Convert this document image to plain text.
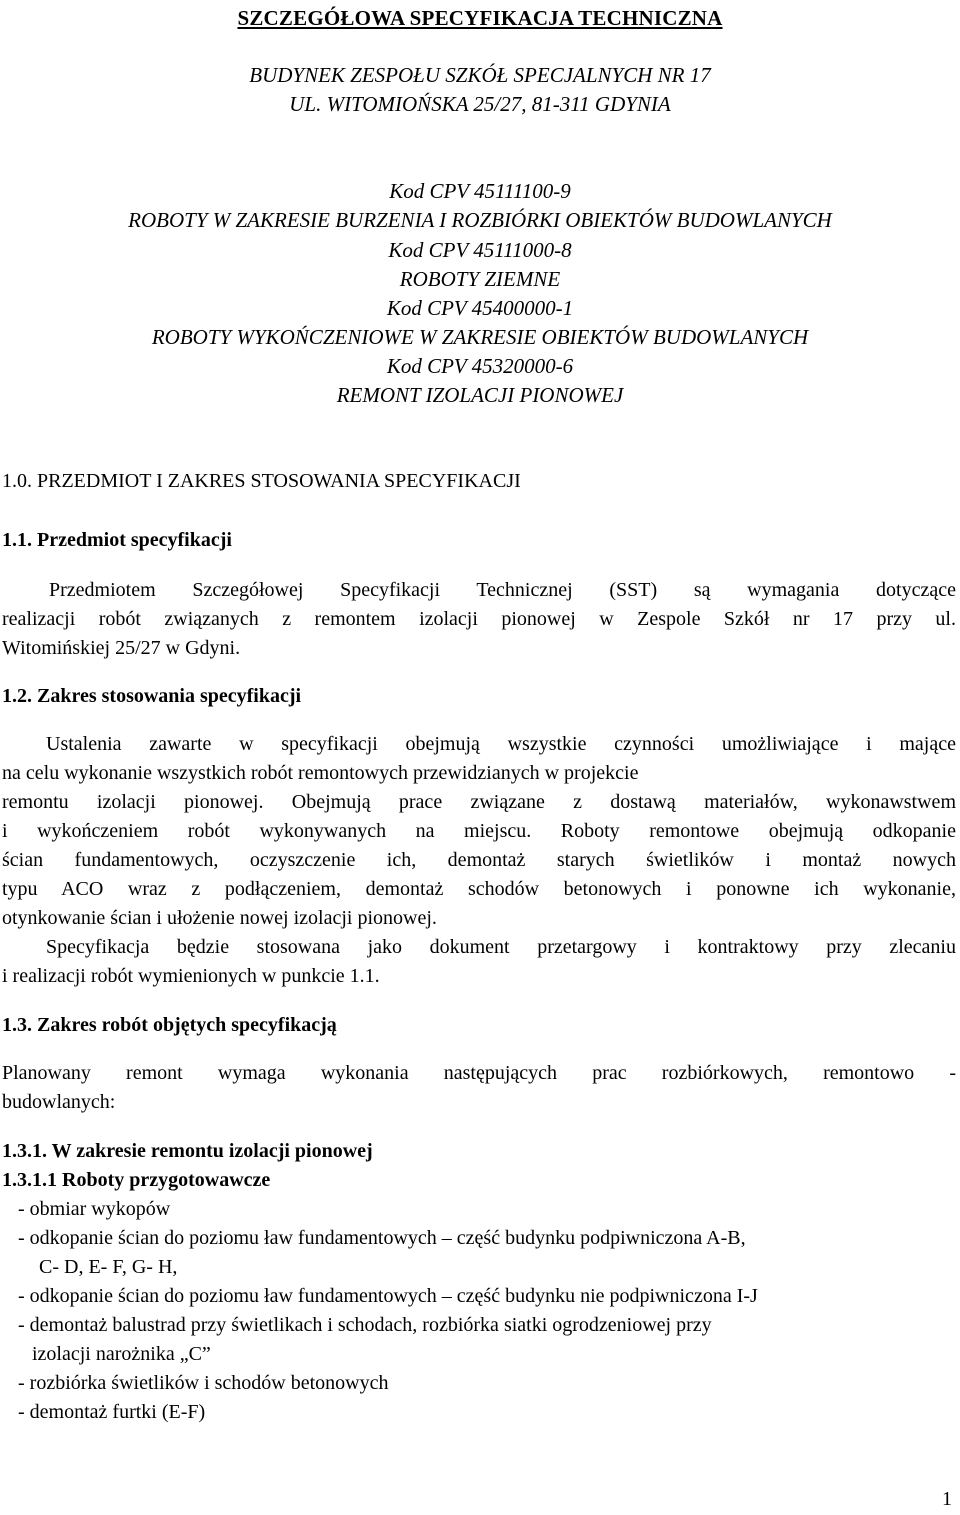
SZCZEGÓŁOWA SPECYFIKACJA TECHNICZNA
BUDYNEK ZESPOŁU SZKÓŁ SPECJALNYCH NR 17
UL. WITOMIOŃSKA 25/27, 81-311 GDYNIA
Kod CPV 45111100-9
ROBOTY W ZAKRESIE BURZENIA I ROZBIÓRKI OBIEKTÓW BUDOWLANYCH
Kod CPV 45111000-8
ROBOTY ZIEMNE
Kod CPV 45400000-1
ROBOTY WYKOŃCZENIOWE W ZAKRESIE OBIEKTÓW BUDOWLANYCH
Kod CPV 45320000-6
REMONT IZOLACJI PIONOWEJ
1.0. PRZEDMIOT I ZAKRES STOSOWANIA SPECYFIKACJI
1.1. Przedmiot specyfikacji
Przedmiotem Szczegółowej Specyfikacji Technicznej (SST) są wymagania dotyczące
realizacji robót związanych z remontem izolacji pionowej w Zespole Szkół nr 17 przy ul.
Witomińskiej 25/27 w Gdyni.
1.2. Zakres stosowania specyfikacji
Ustalenia zawarte w specyfikacji obejmują wszystkie czynności umożliwiające i mające
na celu wykonanie wszystkich robót remontowych przewidzianych w projekcie
remontu izolacji pionowej. Obejmują prace związane z dostawą materiałów, wykonawstwem
i wykończeniem robót wykonywanych na miejscu. Roboty remontowe obejmują odkopanie
ścian fundamentowych, oczyszczenie ich, demontaż starych świetlików i montaż nowych
typu ACO wraz z podłączeniem, demontaż schodów betonowych i ponowne ich wykonanie,
otynkowanie ścian i ułożenie nowej izolacji pionowej.
Specyfikacja będzie stosowana jako dokument przetargowy i kontraktowy przy zlecaniu
i realizacji robót wymienionych w punkcie 1.1.
1.3. Zakres robót objętych specyfikacją
Planowany remont wymaga wykonania następujących prac rozbiórkowych, remontowo -
budowlanych:
1.3.1. W zakresie remontu izolacji pionowej
1.3.1.1 Roboty przygotowawcze
- obmiar wykopów
- odkopanie ścian do poziomu ław fundamentowych – część budynku podpiwniczona A-B,
C- D, E- F, G- H,
- odkopanie ścian do poziomu ław fundamentowych – część budynku nie podpiwniczona I-J
- demontaż balustrad przy świetlikach i schodach, rozbiórka siatki ogrodzeniowej przy
izolacji narożnika „C”
- rozbiórka świetlików i schodów betonowych
- demontaż furtki (E-F)
1
